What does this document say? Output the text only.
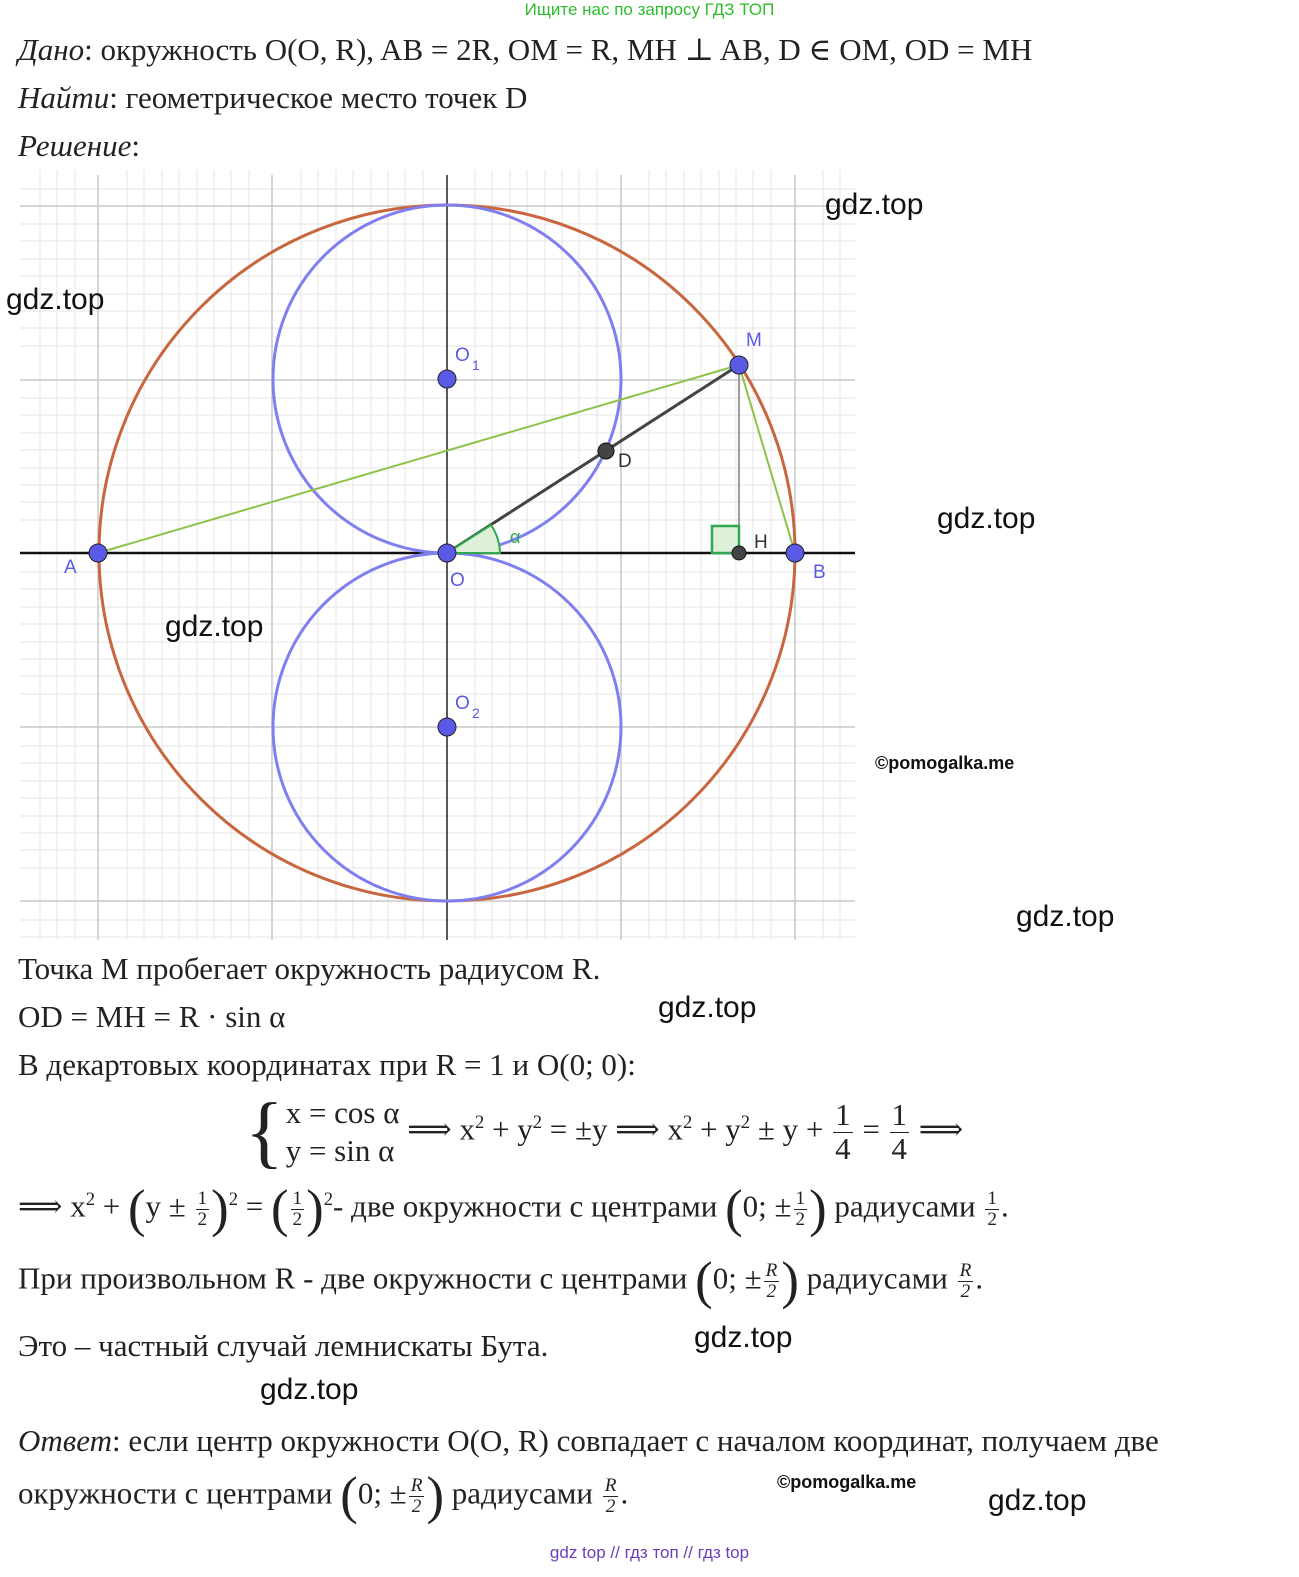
Ищите нас по запросу ГДЗ ТОП
Дано: окружность O(O, R), AB = 2R, OM = R, MH ⊥ AB, D ∈ OM, OD = MH
Найти: геометрическое место точек D
Решение:
A	B
O
O 1
O 2
M
D
H
α
gdz.top
gdz.top
gdz.top
gdz.top
©pomogalka.me
gdz.top
gdz.top
gdz.top
gdz.top
©pomogalka.me
gdz.top
Точка M пробегает окружность радиусом R.
OD = MH = R · sin α
В декартовых координатах при R = 1 и O(0; 0):
{ x = cos α
y = sin α
⟹ $x^2 + y^2 = \pm y$ ⟹ $x^2 + y^2 \pm y + \frac{1}{4} = \frac{1}{4}$ ⟹
⟹ $x^2 + (y \pm \frac{1}{2} )^2$ = ( $\frac{1}{2} )^2-$ две окружности с центрами (0; ± $\frac{1}{2}$ ) радиусами $\frac{1}{2}$ .
При произвольном R - две окружности с центрами (0; ± $\frac{R}{2}$ ) радиусами $\frac{R}{2}$ .
Это – частный случай лемнискаты Бута.
Ответ: если центр окружности O(O, R) совпадает с началом координат, получаем две
окружности с центрами (0; ± $\frac{R}{2}$ ) радиусами $\frac{R}{2}$ .
gdz top // гдз топ // гдз top
